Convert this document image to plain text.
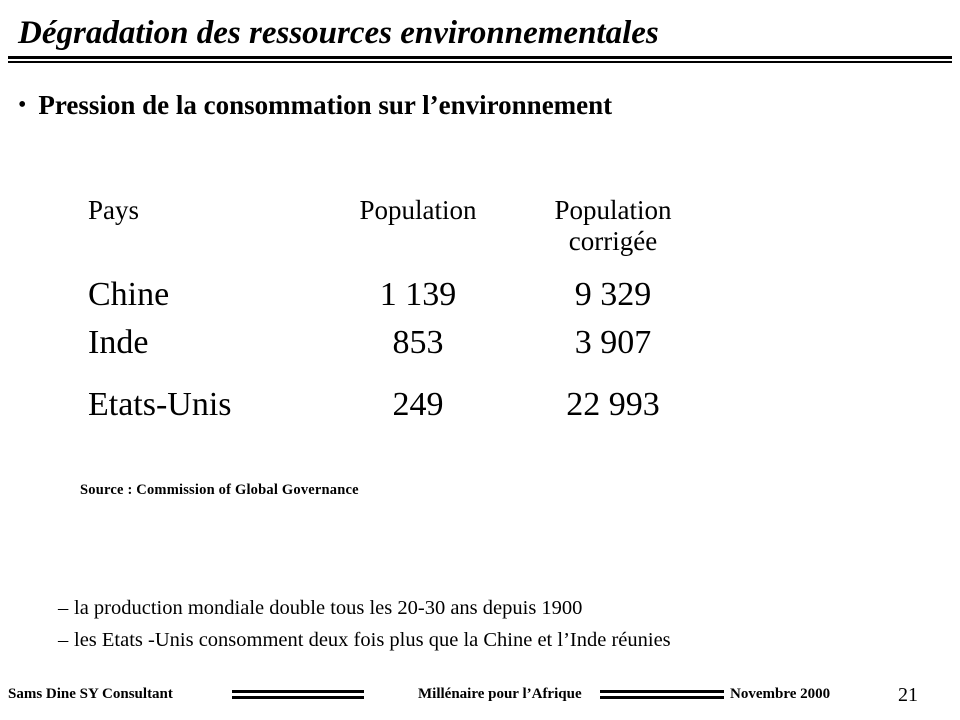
Dégradation des ressources environnementales
• Pression de la consommation sur l’environnement
Pays	Population	Population
corrigée

Chine	1 139	9 329
Inde	853	3 907

Etats-Unis	249	22 993
Source : Commission of Global Governance
– la production mondiale double tous les 20-30 ans depuis 1900
– les Etats -Unis consomment deux fois plus que la Chine et l’Inde réunies
Sams Dine SY Consultant	Millénaire pour l’Afrique	Novembre 2000	21
